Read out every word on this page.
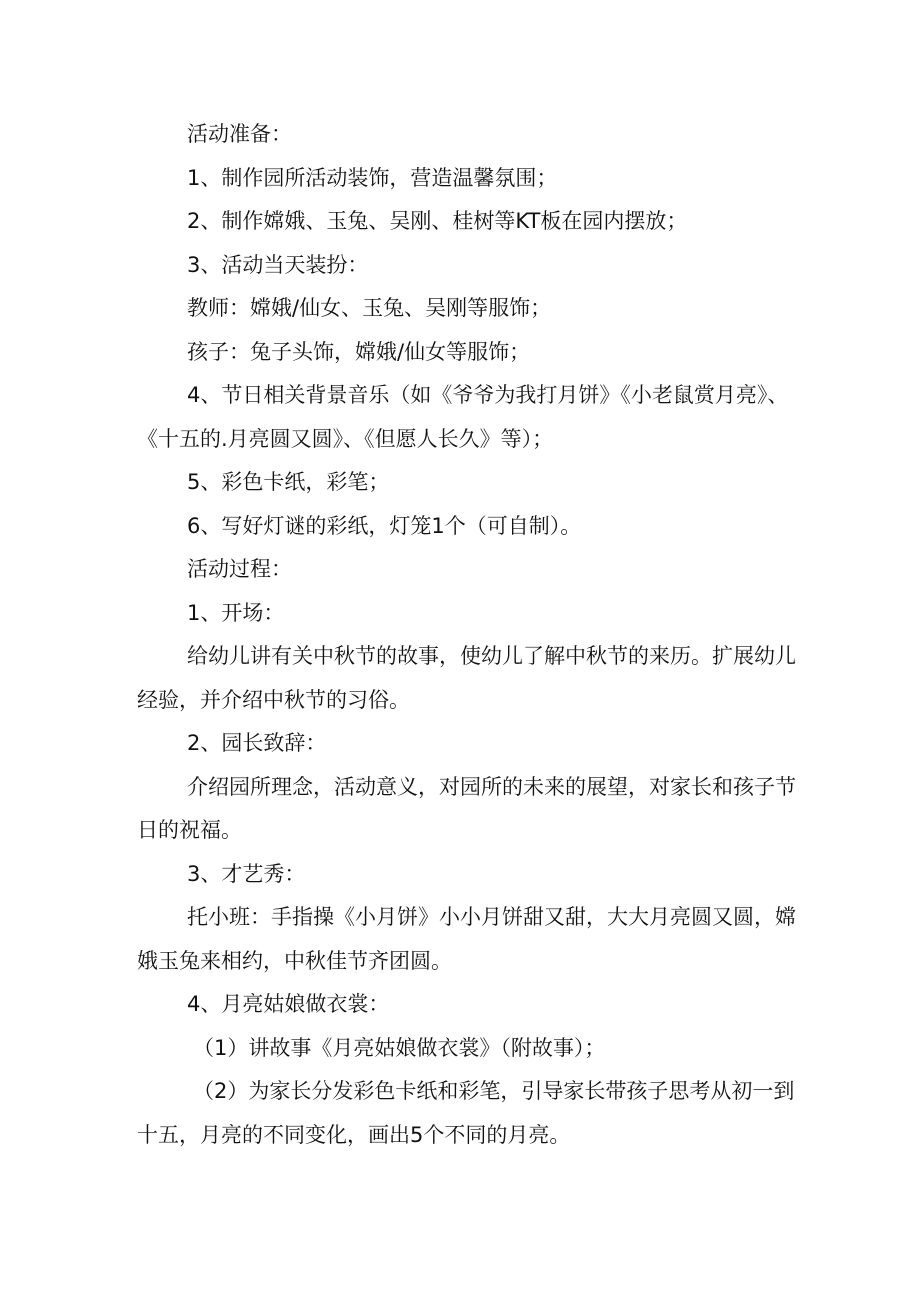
活动准备：

1、制作园所活动装饰，营造温馨氛围；

2、制作嫦娥、玉兔、吴刚、桂树等KT板在园内摆放；

3、活动当天装扮：

教师：嫦娥/仙女、玉兔、吴刚等服饰；

孩子：兔子头饰，嫦娥/仙女等服饰；

4、节日相关背景音乐（如《爷爷为我打月饼》《小老鼠赏月亮》、《十五的.月亮圆又圆》、《但愿人长久》等）；

5、彩色卡纸，彩笔；

6、写好灯谜的彩纸，灯笼1个（可自制）。

活动过程：

1、开场：

给幼儿讲有关中秋节的故事，使幼儿了解中秋节的来历。扩展幼儿经验，并介绍中秋节的习俗。

2、园长致辞：

介绍园所理念，活动意义，对园所的未来的展望，对家长和孩子节日的祝福。

3、才艺秀：

托小班：手指操《小月饼》小小月饼甜又甜，大大月亮圆又圆，嫦娥玉兔来相约，中秋佳节齐团圆。

4、月亮姑娘做衣裳：

（1）讲故事《月亮姑娘做衣裳》（附故事）；

（2）为家长分发彩色卡纸和彩笔，引导家长带孩子思考从初一到十五，月亮的不同变化，画出5个不同的月亮。
